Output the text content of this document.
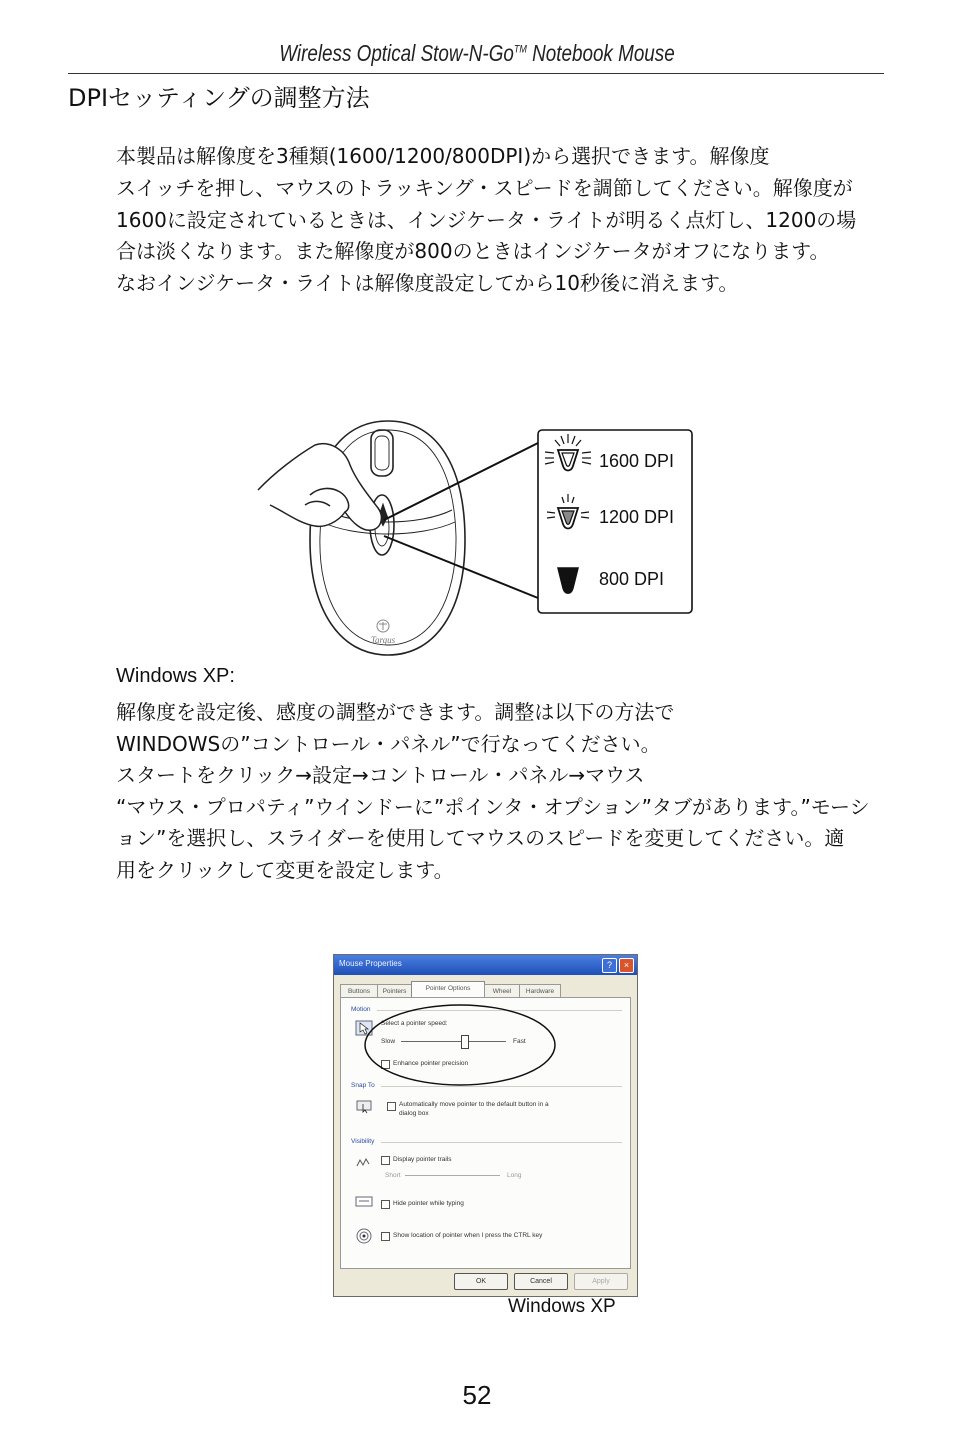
Wireless Optical Stow-N-Go™ Notebook Mouse
DPIセッティングの調整方法
本製品は解像度を3種類(1600/1200/800DPI)から選択できます。解像度
スイッチを押し、マウスのトラッキング・スピードを調節してください。解像度が
1600に設定されているときは、インジケータ・ライトが明るく点灯し、1200の場
合は淡くなります。また解像度が800のときはインジケータがオフになります。
なおインジケータ・ライトは解像度設定してから10秒後に消えます。
Targus
1600 DPI
1200 DPI
800 DPI
Windows XP:
解像度を設定後、感度の調整ができます。調整は以下の方法で
WINDOWSの”コントロール・パネル”で行なってください。
スタートをクリック→設定→コントロール・パネル→マウス
“マウス・プロパティ”ウインドーに”ポインタ・オプション”タブがあります。”モーシ
ョン”を選択し、スライダーを使用してマウスのスピードを変更してください。適
用をクリックして変更を設定します。
Mouse Properties	?	×
Buttons	Pointers	Pointer Options	Wheel	Hardware
Motion
Select a pointer speed:
Slow	Fast
Enhance pointer precision
Snap To
Automatically move pointer to the default button in a
dialog box
Visibility
Display pointer trails
Short	Long
Hide pointer while typing
Show location of pointer when I press the CTRL key
OK	Cancel	Apply
Windows XP
52
